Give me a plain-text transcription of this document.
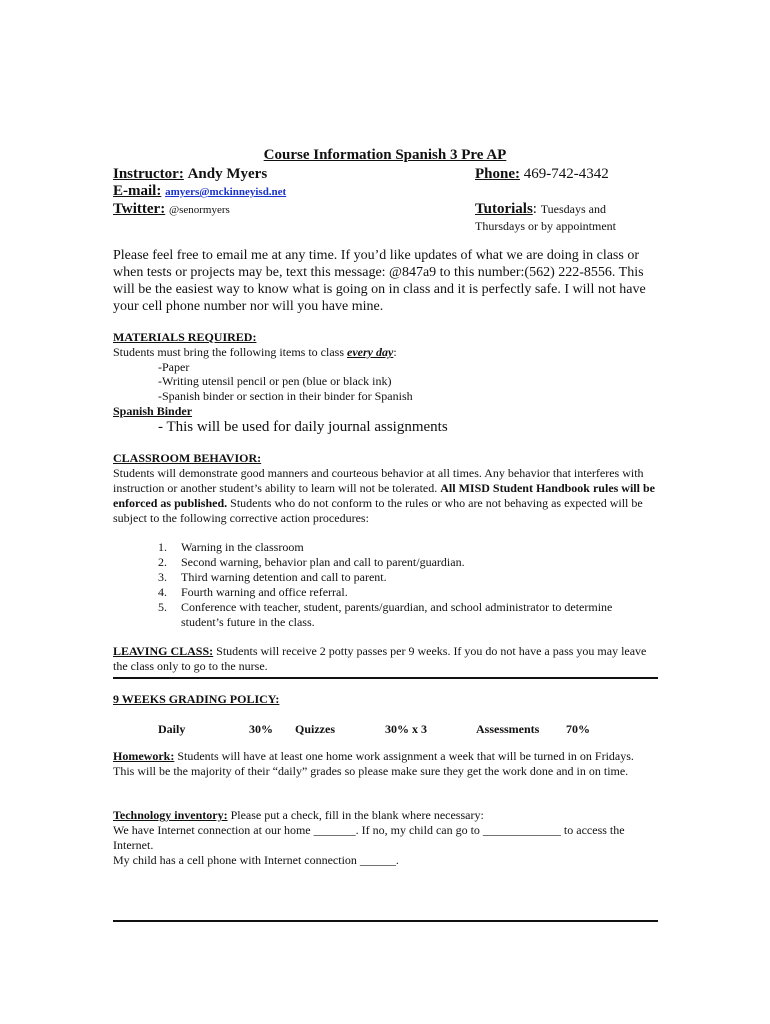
Course Information Spanish 3 Pre AP
Instructor: Andy Myers	Phone: 469-742-4342
E-mail: amyers@mckinneyisd.net
Twitter: @senormyers	Tutorials: Tuesdays and
Thursdays or by appointment
Please feel free to email me at any time. If you’d like updates of what we are doing in class or when tests or projects may be, text this message: @847a9 to this number:(562) 222-8556. This will be the easiest way to know what is going on in class and it is perfectly safe. I will not have your cell phone number nor will you have mine.
MATERIALS REQUIRED:
Students must bring the following items to class every day:
-Paper
-Writing utensil pencil or pen (blue or black ink)
-Spanish binder or section in their binder for Spanish
Spanish Binder
- This will be used for daily journal assignments
CLASSROOM BEHAVIOR:
Students will demonstrate good manners and courteous behavior at all times. Any behavior that interferes with instruction or another student’s ability to learn will not be tolerated. All MISD Student Handbook rules will be enforced as published. Students who do not conform to the rules or who are not behaving as expected will be subject to the following corrective action procedures:
1. Warning in the classroom
2. Second warning, behavior plan and call to parent/guardian.
3. Third warning detention and call to parent.
4. Fourth warning and office referral.
5. Conference with teacher, student, parents/guardian, and school administrator to determine student’s future in the class.
LEAVING CLASS: Students will receive 2 potty passes per 9 weeks. If you do not have a pass you may leave the class only to go to the nurse.
9 WEEKS GRADING POLICY:
Daily	30% Quizzes	30% x 3	Assessments 70%
Homework: Students will have at least one home work assignment a week that will be turned in on Fridays. This will be the majority of their “daily” grades so please make sure they get the work done and in on time.
Technology inventory: Please put a check, fill in the blank where necessary:
We have Internet connection at our home _______. If no, my child can go to _____________ to access the Internet.
My child has a cell phone with Internet connection ______.
